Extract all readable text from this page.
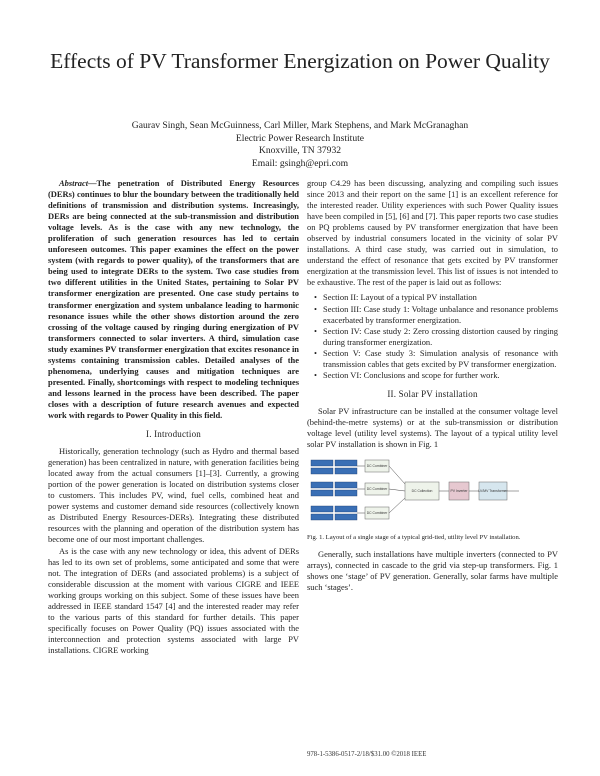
Effects of PV Transformer Energization on Power Quality
Gaurav Singh, Sean McGuinness, Carl Miller, Mark Stephens, and Mark McGranaghan
Electric Power Research Institute
Knoxville, TN 37932
Email: gsingh@epri.com

Abstract—The penetration of Distributed Energy Resources (DERs) continues to blur the boundary between the traditionally held definitions of transmission and distribution systems. Increasingly, DERs are being connected at the sub-transmission and distribution voltage levels. As is the case with any new technology, the proliferation of such generation resources has led to certain unforeseen outcomes. This paper examines the effect on the power system (with regards to power quality), of the transformers that are being used to integrate DERs to the system. Two case studies from two different utilities in the United States, pertaining to Solar PV transformer energization are presented. One case study pertains to transformer energization and system unbalance leading to harmonic resonance issues while the other shows distortion around the zero crossing of the voltage caused by ringing during energization of PV transformers connected to solar inverters. A third, simulation case study examines PV transformer energization that excites resonance in systems containing transmission cables. Detailed analyses of the phenomena, underlying causes and mitigation techniques are presented. Finally, shortcomings with respect to modeling techniques and lessons learned in the process have been described. The paper closes with a description of future research avenues and expected work with regards to Power Quality in this field.

I. Introduction

Historically, generation technology (such as Hydro and thermal based generation) has been centralized in nature, with generation facilities being located away from the actual consumers [1]–[3]. Currently, a growing portion of the power generation is located on distribution systems closer to customers. This includes PV, wind, fuel cells, combined heat and power systems and customer demand side resources (collectively known as Distributed Energy Resources-DERs). Integrating these distributed resources with the planning and operation of the distribution system has become one of our most important challenges.

As is the case with any new technology or idea, this advent of DERs has led to its own set of problems, some anticipated and some that were not. The integration of DERs (and associated problems) is a subject of considerable discussion at the moment with various CIGRE and IEEE working groups working on this subject. Some of these issues have been addressed in IEEE standard 1547 [4] and the interested reader may refer to the various parts of this standard for further details. This paper specifically focuses on Power Quality (PQ) issues associated with the interconnection and protection systems associated with large PV installations. CIGRE working

group C4.29 has been discussing, analyzing and compiling such issues since 2013 and their report on the same [1] is an excellent reference for the interested reader. Utility experiences with such Power Quality issues have been compiled in [5], [6] and [7]. This paper reports two case studies on PQ problems caused by PV transformer energization that have been observed by industrial consumers located in the vicinity of solar PV installations. A third case study, was carried out in simulation, to understand the effect of resonance that gets excited by PV transformer energization at the transmission level. This list of issues is not intended to be exhaustive. The rest of the paper is laid out as follows:

• Section II: Layout of a typical PV installation
• Section III: Case study 1: Voltage unbalance and resonance problems exacerbated by transformer energization.
• Section IV: Case study 2: Zero crossing distortion caused by ringing during transformer energization.
• Section V: Case study 3: Simulation analysis of resonance with transmission cables that gets excited by PV transformer energization.
• Section VI: Conclusions and scope for further work.
II. Solar PV installation

Solar PV infrastructure can be installed at the consumer voltage level (behind-the-metre systems) or at the sub-transmission or distribution voltage level (utility level systems). The layout of a typical utility level solar PV installation is shown in Fig. 1

DC Combiner
DC Combiner
DC Combiner
DC Collection	PV Inverter	LV/MV Transformer
Fig. 1. Layout of a single stage of a typical grid-tied, utility level PV installation.

Generally, such installations have multiple inverters (connected to PV arrays), connected in cascade to the grid via step-up transformers. Fig. 1 shows one ‘stage’ of PV generation. Generally, solar farms have multiple such ‘stages’.

978-1-5386-0517-2/18/$31.00 ©2018 IEEE
